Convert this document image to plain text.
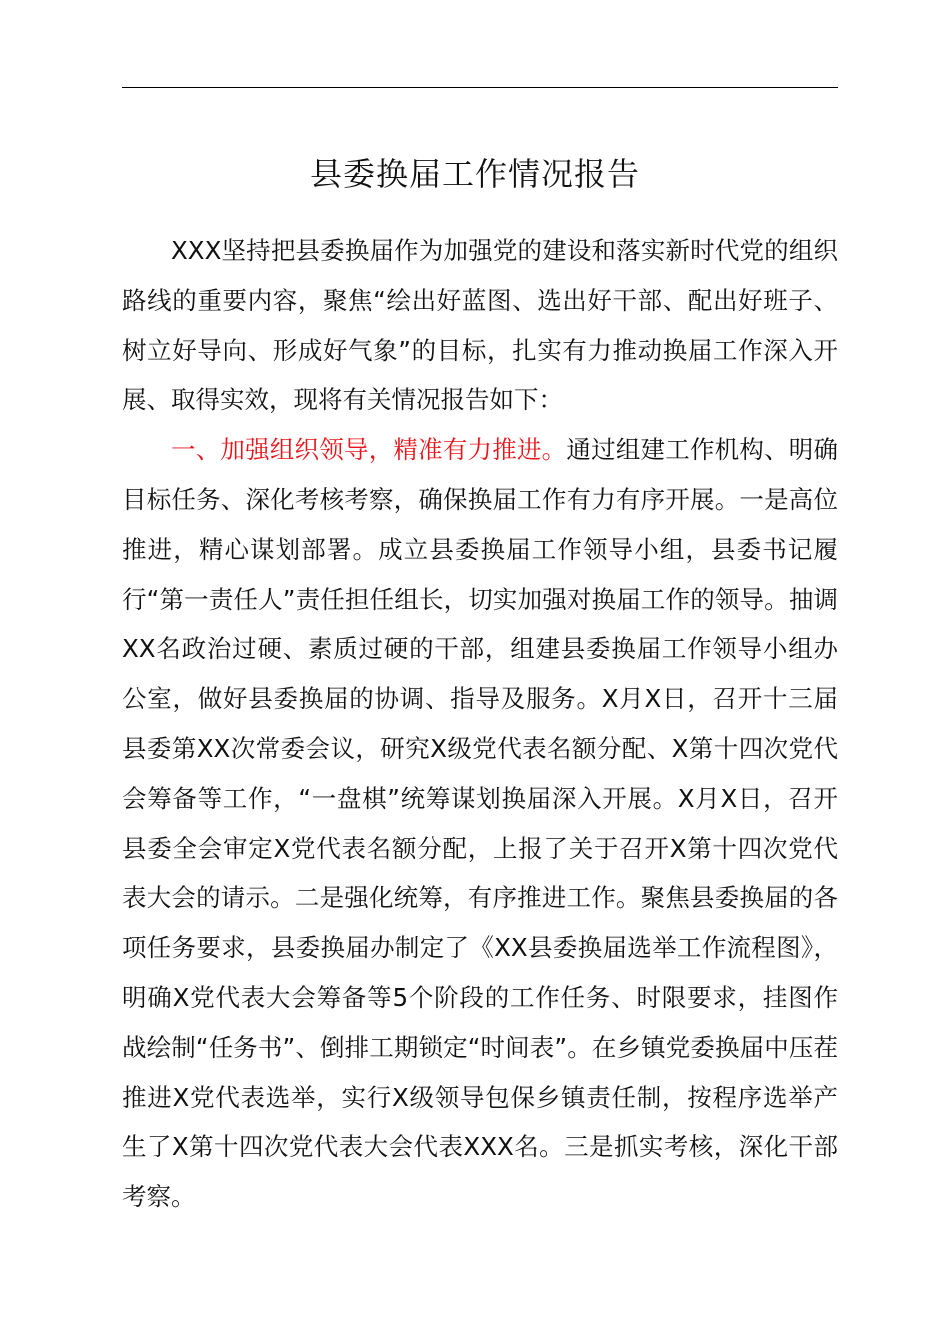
县委换届工作情况报告

XXX坚持把县委换届作为加强党的建设和落实新时代党的组织路线的重要内容，聚焦“绘出好蓝图、选出好干部、配出好班子、树立好导向、形成好气象”的目标，扎实有力推动换届工作深入开展、取得实效，现将有关情况报告如下：

一、加强组织领导，精准有力推进。通过组建工作机构、明确目标任务、深化考核考察，确保换届工作有力有序开展。一是高位推进，精心谋划部署。成立县委换届工作领导小组，县委书记履行“第一责任人”责任担任组长，切实加强对换届工作的领导。抽调XX名政治过硬、素质过硬的干部，组建县委换届工作领导小组办公室，做好县委换届的协调、指导及服务。X月X日，召开十三届县委第XX次常委会议，研究X级党代表名额分配、X第十四次党代会筹备等工作，“一盘棋”统筹谋划换届深入开展。X月X日，召开县委全会审定X党代表名额分配，上报了关于召开X第十四次党代表大会的请示。二是强化统筹，有序推进工作。聚焦县委换届的各项任务要求，县委换届办制定了《XX县委换届选举工作流程图》，明确X党代表大会筹备等5个阶段的工作任务、时限要求，挂图作战绘制“任务书”、倒排工期锁定“时间表”。在乡镇党委换届中压茬推进X党代表选举，实行X级领导包保乡镇责任制，按程序选举产生了X第十四次党代表大会代表XXX名。三是抓实考核，深化干部考察。
